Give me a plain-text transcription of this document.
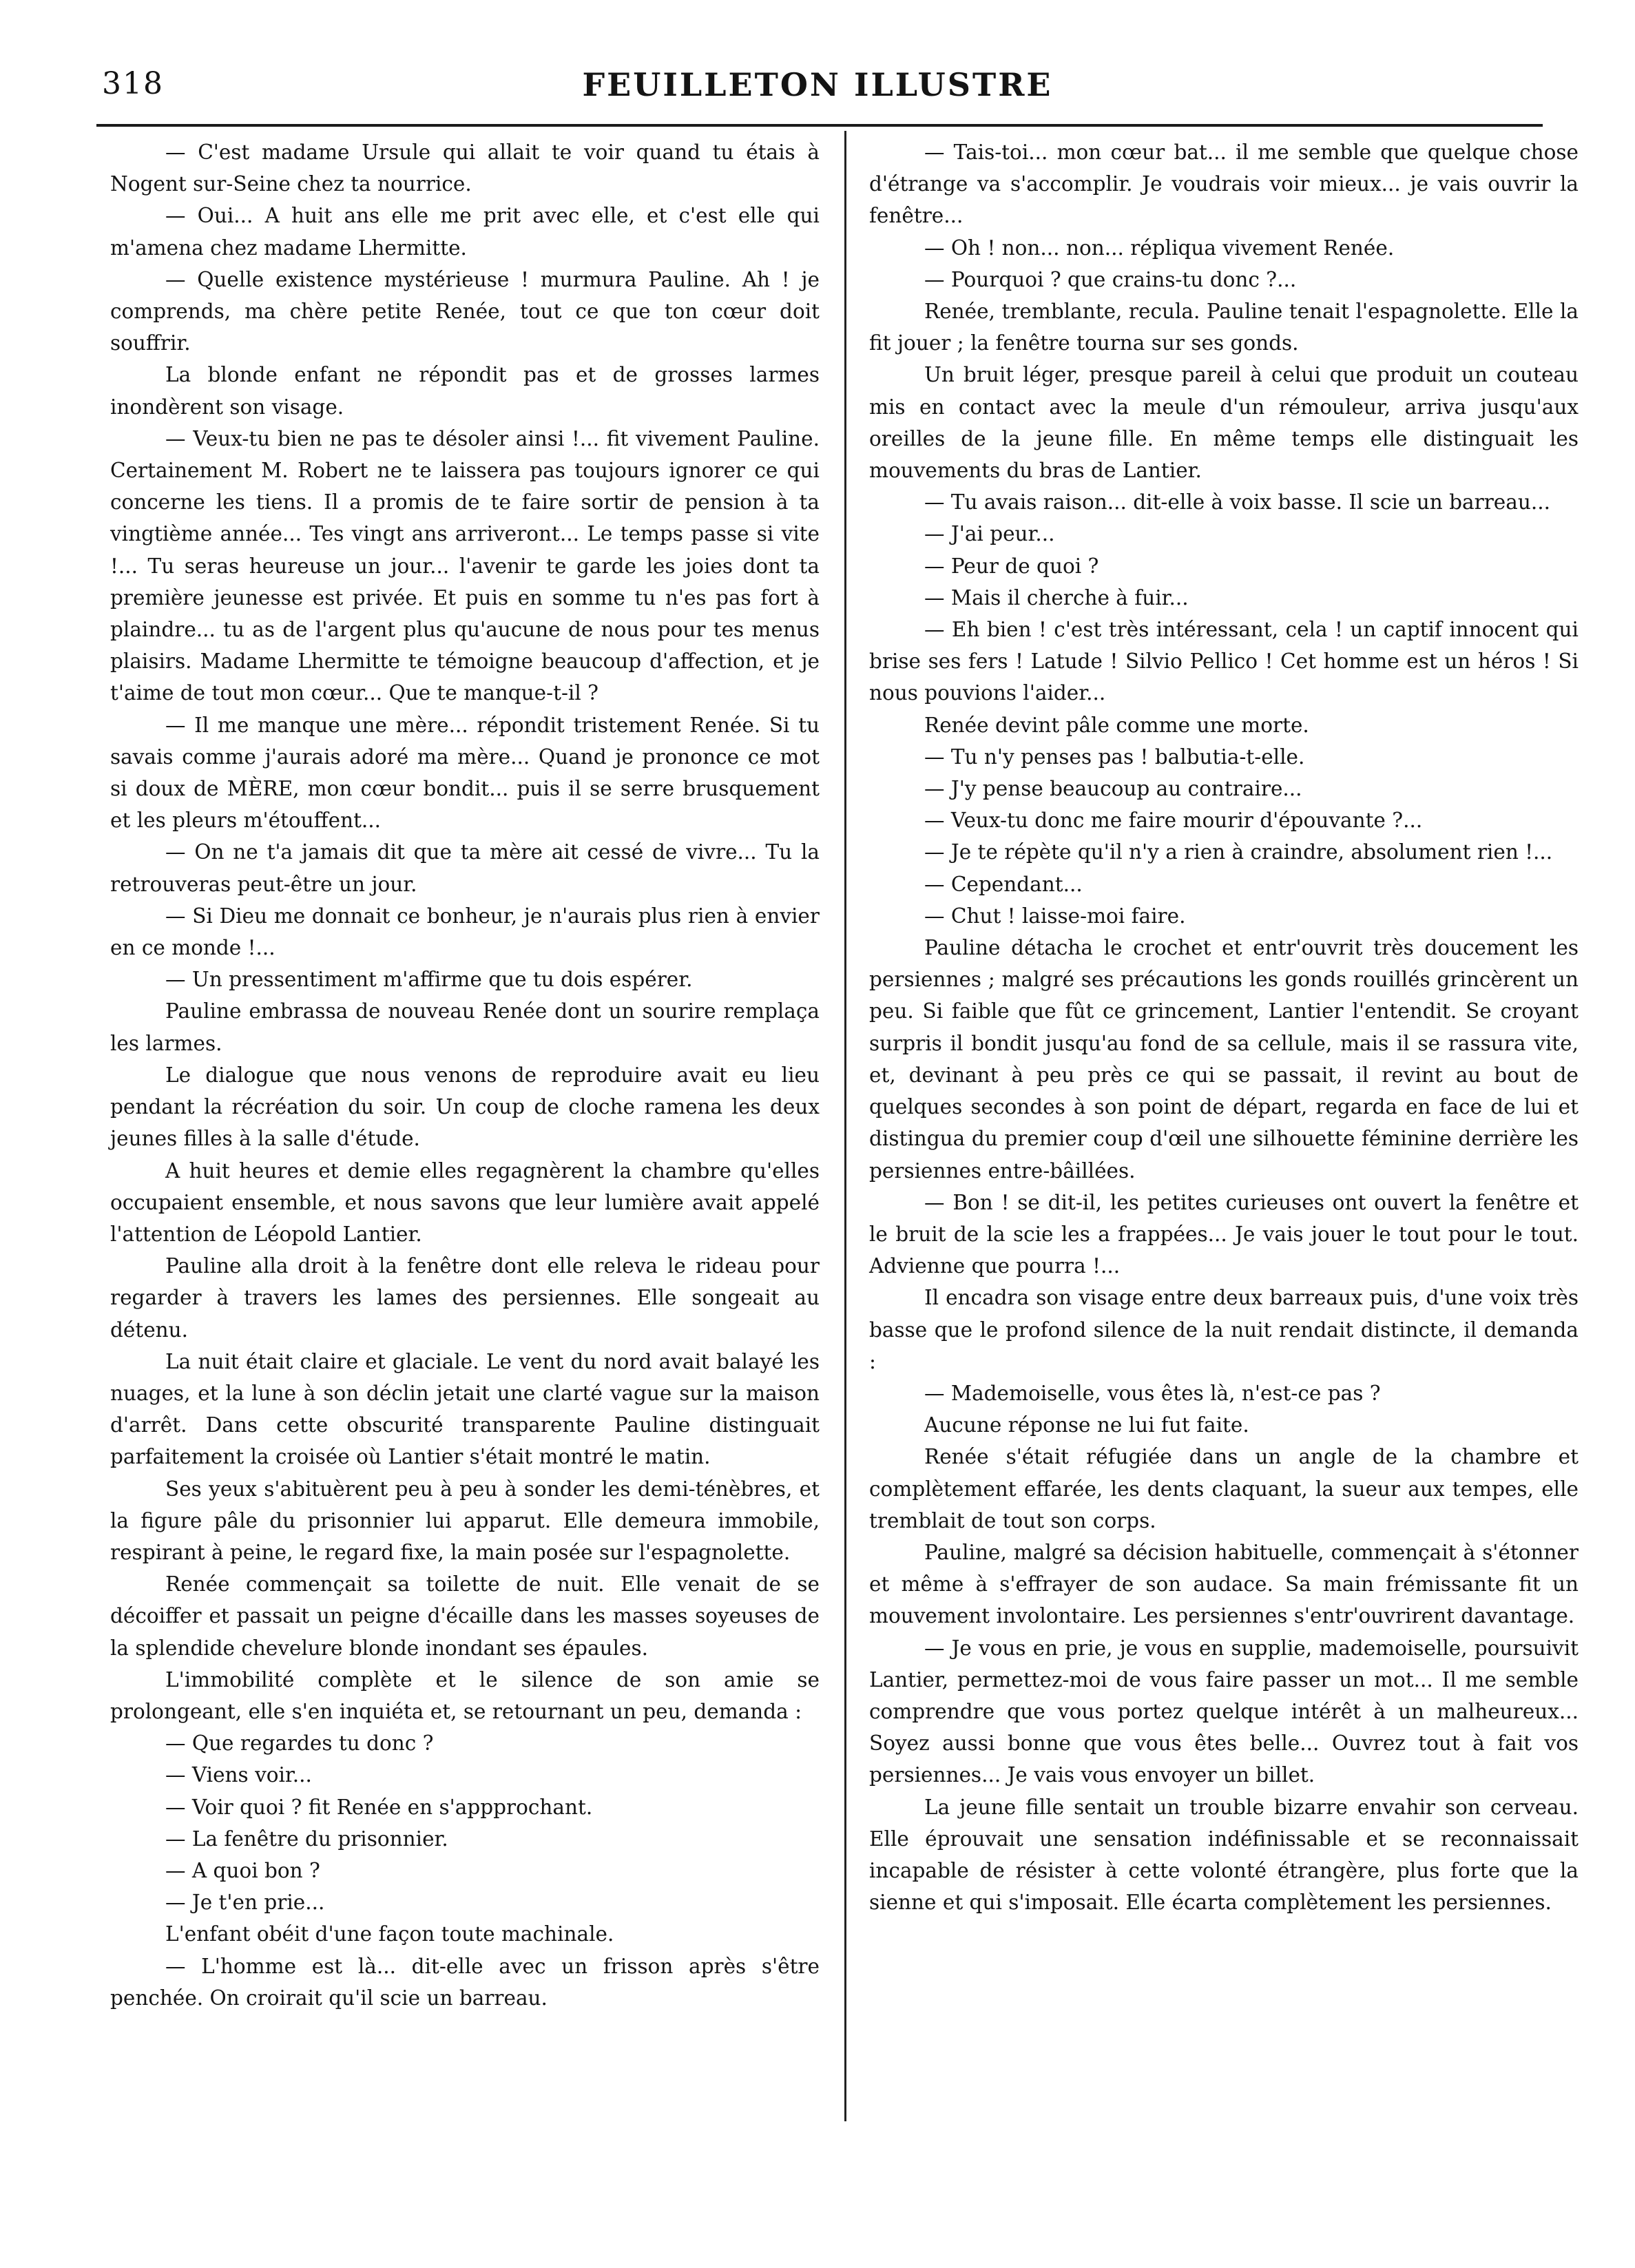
318	FEUILLETON ILLUSTRE

— C'est madame Ursule qui allait te voir quand tu étais à Nogent sur-Seine chez ta nourrice.

— Oui... A huit ans elle me prit avec elle, et c'est elle qui m'amena chez madame Lhermitte.

— Quelle existence mystérieuse ! murmura Pauline. Ah ! je comprends, ma chère petite Renée, tout ce que ton cœur doit souffrir.

La blonde enfant ne répondit pas et de grosses larmes inondèrent son visage.

— Veux-tu bien ne pas te désoler ainsi !... fit vivement Pauline. Certainement M. Robert ne te laissera pas toujours ignorer ce qui concerne les tiens. Il a promis de te faire sortir de pension à ta vingtième année... Tes vingt ans arriveront... Le temps passe si vite !... Tu seras heureuse un jour... l'avenir te garde les joies dont ta première jeunesse est privée. Et puis en somme tu n'es pas fort à plaindre... tu as de l'argent plus qu'aucune de nous pour tes menus plaisirs. Madame Lhermitte te témoigne beaucoup d'affection, et je t'aime de tout mon cœur... Que te manque-t-il ?

— Il me manque une mère... répondit tristement Renée. Si tu savais comme j'aurais adoré ma mère... Quand je prononce ce mot si doux de MÈRE, mon cœur bondit... puis il se serre brusquement et les pleurs m'étouffent...

— On ne t'a jamais dit que ta mère ait cessé de vivre... Tu la retrouveras peut-être un jour.

— Si Dieu me donnait ce bonheur, je n'aurais plus rien à envier en ce monde !...

— Un pressentiment m'affirme que tu dois espérer.

Pauline embrassa de nouveau Renée dont un sourire remplaça les larmes.

Le dialogue que nous venons de reproduire avait eu lieu pendant la récréation du soir. Un coup de cloche ramena les deux jeunes filles à la salle d'étude.

A huit heures et demie elles regagnèrent la chambre qu'elles occupaient ensemble, et nous savons que leur lumière avait appelé l'attention de Léopold Lantier.

Pauline alla droit à la fenêtre dont elle releva le rideau pour regarder à travers les lames des persiennes. Elle songeait au détenu.

La nuit était claire et glaciale. Le vent du nord avait balayé les nuages, et la lune à son déclin jetait une clarté vague sur la maison d'arrêt. Dans cette obscurité transparente Pauline distinguait parfaitement la croisée où Lantier s'était montré le matin.

Ses yeux s'abituèrent peu à peu à sonder les demi-ténèbres, et la figure pâle du prisonnier lui apparut. Elle demeura immobile, respirant à peine, le regard fixe, la main posée sur l'espagnolette.

Renée commençait sa toilette de nuit. Elle venait de se décoiffer et passait un peigne d'écaille dans les masses soyeuses de la splendide chevelure blonde inondant ses épaules.

L'immobilité complète et le silence de son amie se prolongeant, elle s'en inquiéta et, se retournant un peu, demanda :

— Que regardes tu donc ?

— Viens voir...

— Voir quoi ? fit Renée en s'appprochant.

— La fenêtre du prisonnier.

— A quoi bon ?

— Je t'en prie...

L'enfant obéit d'une façon toute machinale.

— L'homme est là... dit-elle avec un frisson après s'être penchée. On croirait qu'il scie un barreau.

— Tais-toi... mon cœur bat... il me semble que quelque chose d'étrange va s'accomplir. Je voudrais voir mieux... je vais ouvrir la fenêtre...

— Oh ! non... non... répliqua vivement Renée.

— Pourquoi ? que crains-tu donc ?...

Renée, tremblante, recula. Pauline tenait l'espagnolette. Elle la fit jouer ; la fenêtre tourna sur ses gonds.

Un bruit léger, presque pareil à celui que produit un couteau mis en contact avec la meule d'un rémouleur, arriva jusqu'aux oreilles de la jeune fille. En même temps elle distinguait les mouvements du bras de Lantier.

— Tu avais raison... dit-elle à voix basse. Il scie un barreau...

— J'ai peur...

— Peur de quoi ?

— Mais il cherche à fuir...

— Eh bien ! c'est très intéressant, cela ! un captif innocent qui brise ses fers ! Latude ! Silvio Pellico ! Cet homme est un héros ! Si nous pouvions l'aider...

Renée devint pâle comme une morte.

— Tu n'y penses pas ! balbutia-t-elle.

— J'y pense beaucoup au contraire...

— Veux-tu donc me faire mourir d'épouvante ?...

— Je te répète qu'il n'y a rien à craindre, absolument rien !...

— Cependant...

— Chut ! laisse-moi faire.

Pauline détacha le crochet et entr'ouvrit très doucement les persiennes ; malgré ses précautions les gonds rouillés grincèrent un peu. Si faible que fût ce grincement, Lantier l'entendit. Se croyant surpris il bondit jusqu'au fond de sa cellule, mais il se rassura vite, et, devinant à peu près ce qui se passait, il revint au bout de quelques secondes à son point de départ, regarda en face de lui et distingua du premier coup d'œil une silhouette féminine derrière les persiennes entre-bâillées.

— Bon ! se dit-il, les petites curieuses ont ouvert la fenêtre et le bruit de la scie les a frappées... Je vais jouer le tout pour le tout. Advienne que pourra !...

Il encadra son visage entre deux barreaux puis, d'une voix très basse que le profond silence de la nuit rendait distincte, il demanda :

— Mademoiselle, vous êtes là, n'est-ce pas ?

Aucune réponse ne lui fut faite.

Renée s'était réfugiée dans un angle de la chambre et complètement effarée, les dents claquant, la sueur aux tempes, elle tremblait de tout son corps.

Pauline, malgré sa décision habituelle, commençait à s'étonner et même à s'effrayer de son audace. Sa main frémissante fit un mouvement involontaire. Les persiennes s'entr'ouvrirent davantage.

— Je vous en prie, je vous en supplie, mademoiselle, poursuivit Lantier, permettez-moi de vous faire passer un mot... Il me semble comprendre que vous portez quelque intérêt à un malheureux... Soyez aussi bonne que vous êtes belle... Ouvrez tout à fait vos persiennes... Je vais vous envoyer un billet.

La jeune fille sentait un trouble bizarre envahir son cerveau. Elle éprouvait une sensation indéfinissable et se reconnaissait incapable de résister à cette volonté étrangère, plus forte que la sienne et qui s'imposait. Elle écarta complètement les persiennes.
